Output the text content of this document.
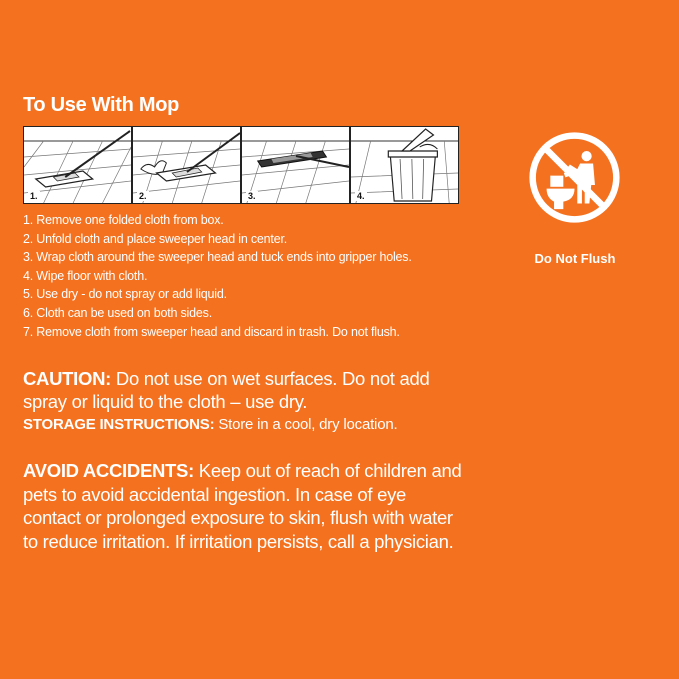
To Use With Mop
1.	2.	3.	4.
1. Remove one folded cloth from box.
2. Unfold cloth and place sweeper head in center.
3. Wrap cloth around the sweeper head and tuck ends into gripper holes.
4. Wipe floor with cloth.
5. Use dry - do not spray or add liquid.
6. Cloth can be used on both sides.
7. Remove cloth from sweeper head and discard in trash. Do not flush.
CAUTION: Do not use on wet surfaces. Do not add spray or liquid to the cloth – use dry.
STORAGE INSTRUCTIONS: Store in a cool, dry location.
AVOID ACCIDENTS: Keep out of reach of children and pets to avoid accidental ingestion. In case of eye contact or prolonged exposure to skin, flush with water to reduce irritation. If irritation persists, call a physician.
Do Not Flush
